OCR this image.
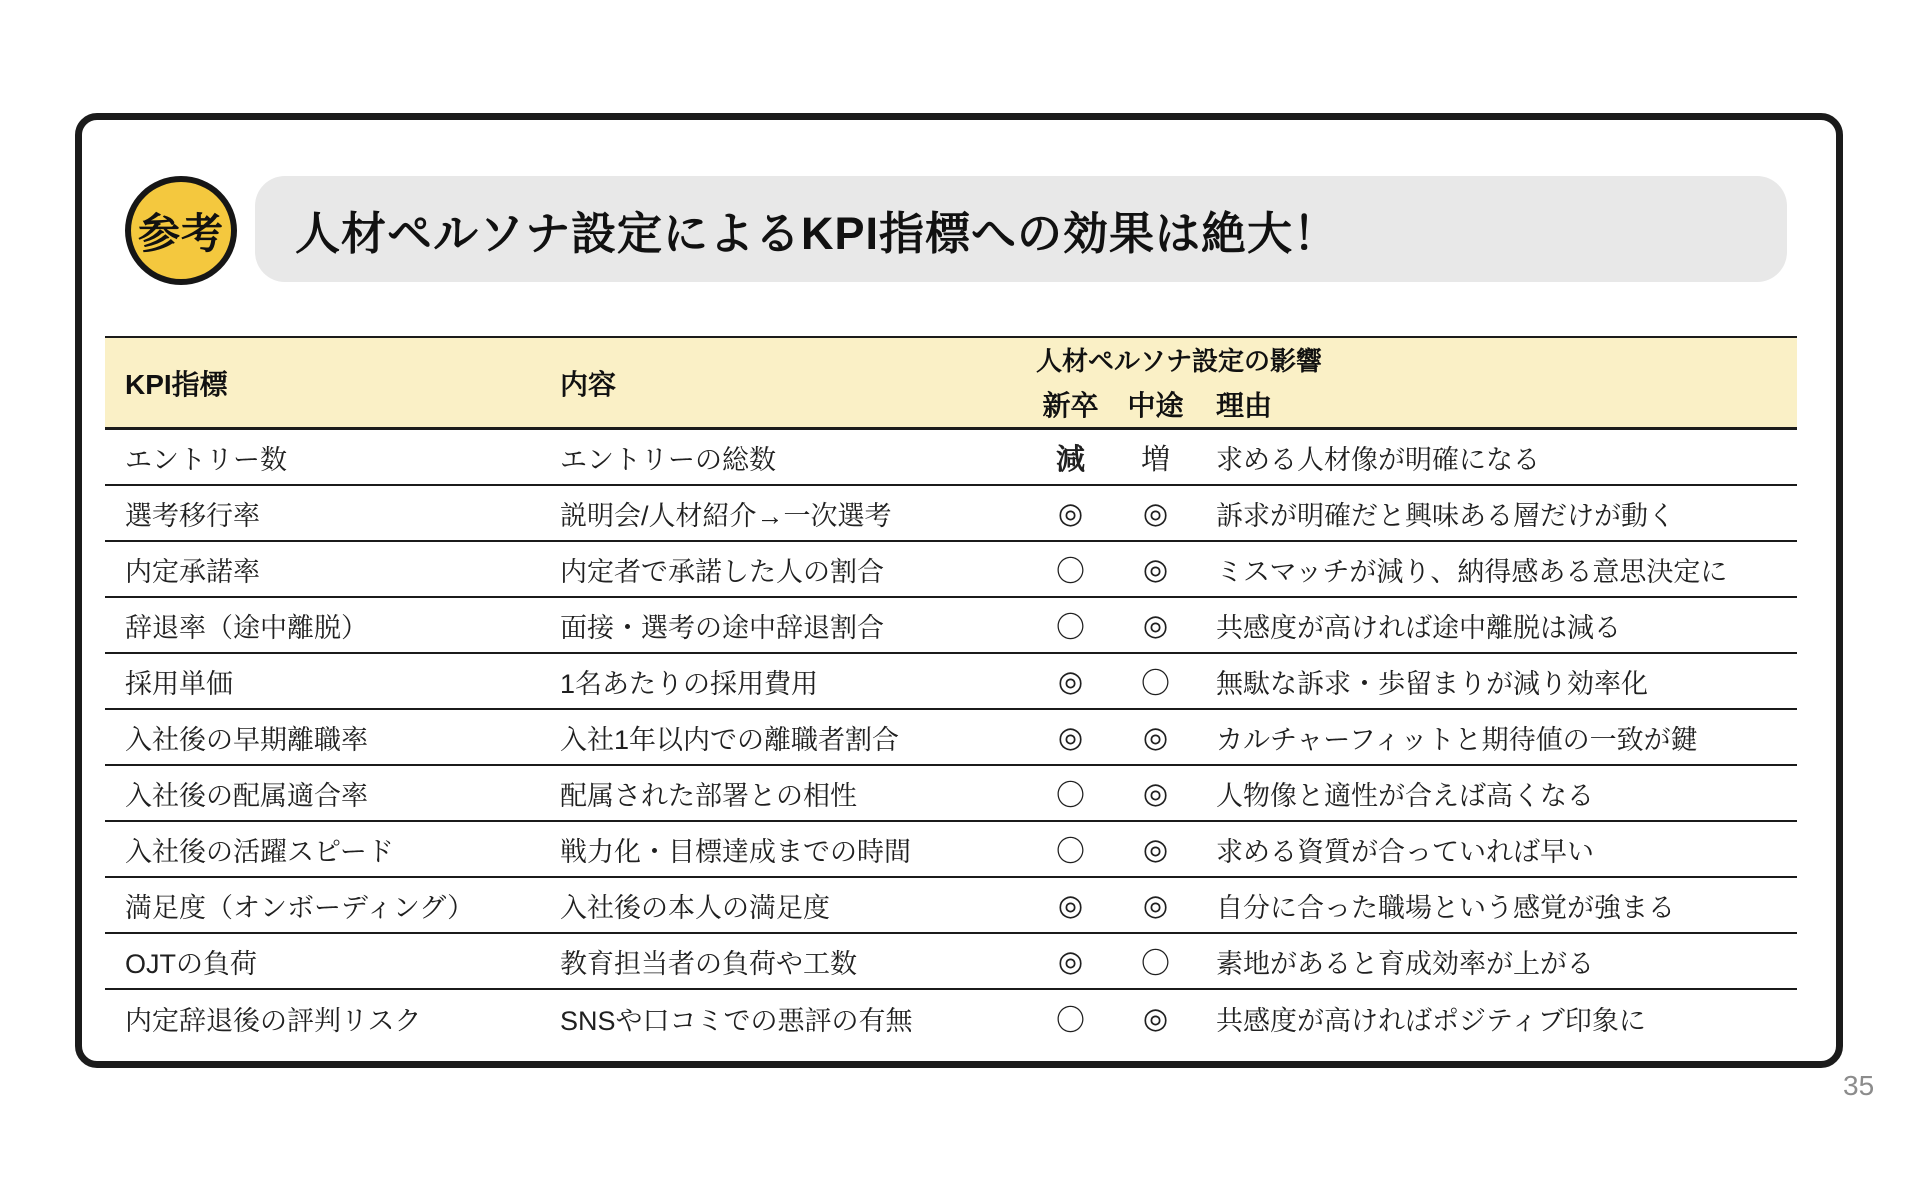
参考 人材ペルソナ設定によるKPI指標への効果は絶大！
KPI指標	内容
人材ペルソナ設定の影響
新卒	中途	理由
エントリー数	エントリーの総数	減	増	求める人材像が明確になる
選考移行率	説明会/人材紹介→一次選考	◎	◎	訴求が明確だと興味ある層だけが動く
内定承諾率	内定者で承諾した人の割合	〇	◎	ミスマッチが減り、納得感ある意思決定に
辞退率（途中離脱）	面接・選考の途中辞退割合	〇	◎	共感度が高ければ途中離脱は減る
採用単価	1名あたりの採用費用	◎	〇	無駄な訴求・歩留まりが減り効率化
入社後の早期離職率	入社1年以内での離職者割合	◎	◎	カルチャーフィットと期待値の一致が鍵
入社後の配属適合率	配属された部署との相性	〇	◎	人物像と適性が合えば高くなる
入社後の活躍スピード	戦力化・目標達成までの時間	〇	◎	求める資質が合っていれば早い
満足度（オンボーディング）	入社後の本人の満足度	◎	◎	自分に合った職場という感覚が強まる
OJTの負荷	教育担当者の負荷や工数	◎	〇	素地があると育成効率が上がる
内定辞退後の評判リスク	SNSや口コミでの悪評の有無	〇	◎	共感度が高ければポジティブ印象に
35
